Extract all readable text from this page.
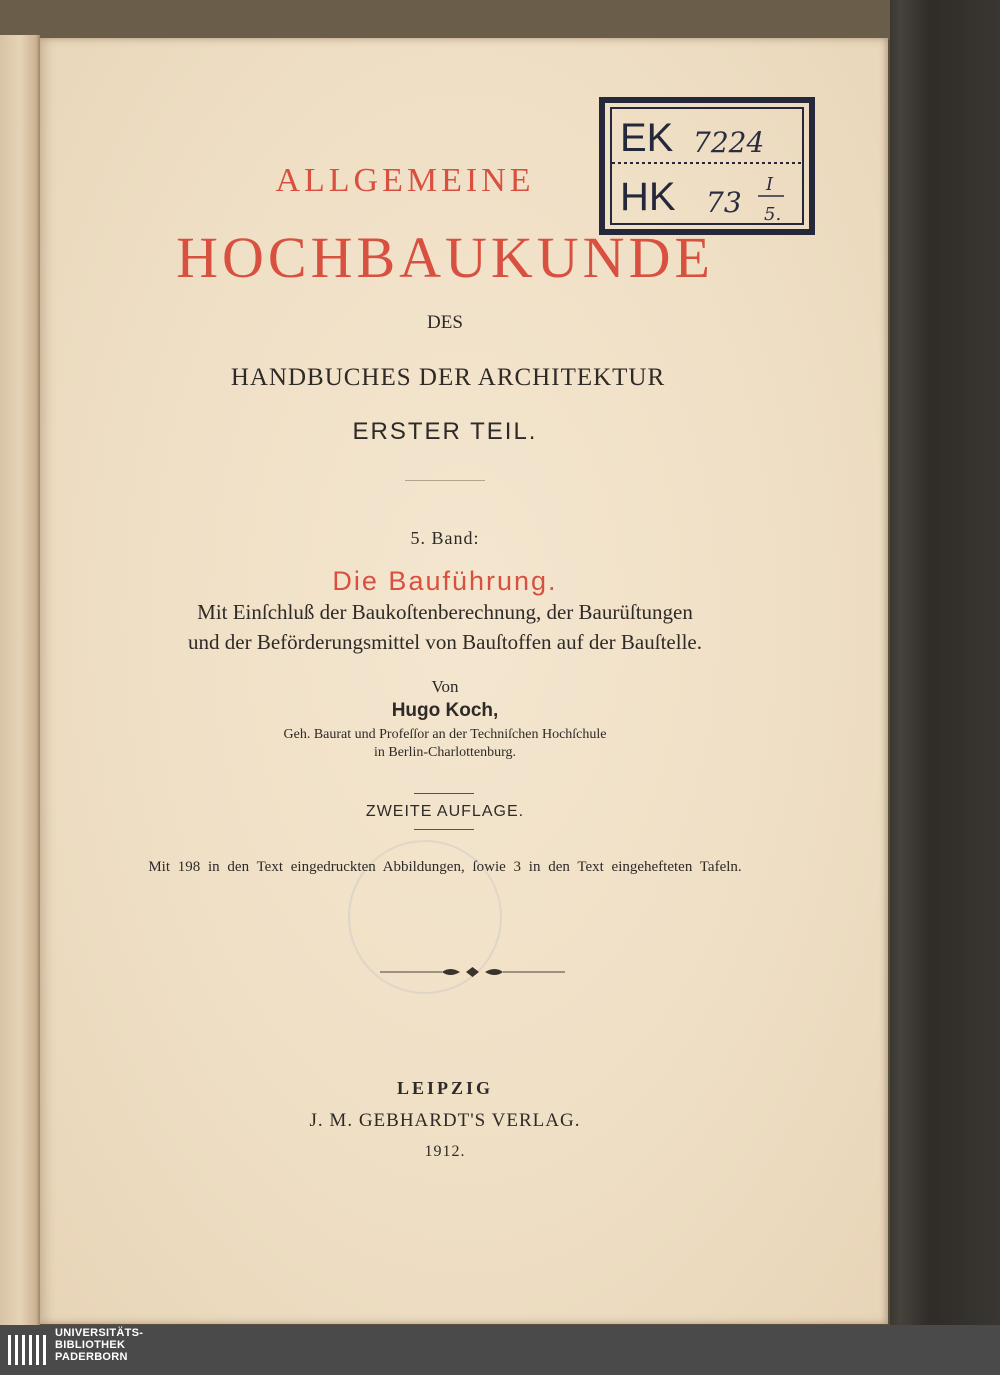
ALLGEMEINE
HOCHBAUKUNDE
DES
HANDBUCHES DER ARCHITEKTUR
ERSTER TEIL.
5. Band:
Die Bauführung.
Mit Einſchluß der Baukoſtenberechnung, der Baurüſtungen
und der Beförderungsmittel von Bauſtoffen auf der Bauſtelle.
Von
Hugo Koch,
Geh. Baurat und Profeſſor an der Techniſchen Hochſchule
in Berlin-Charlottenburg.
ZWEITE AUFLAGE.
Mit 198 in den Text eingedruckten Abbildungen, ſowie 3 in den Text eingehefteten Tafeln.
LEIPZIG
J. M. GEBHARDT'S VERLAG.
1912.
EK 7224
HK 73
I
5.
UNIVERSITÄTS-
BIBLIOTHEK
PADERBORN
